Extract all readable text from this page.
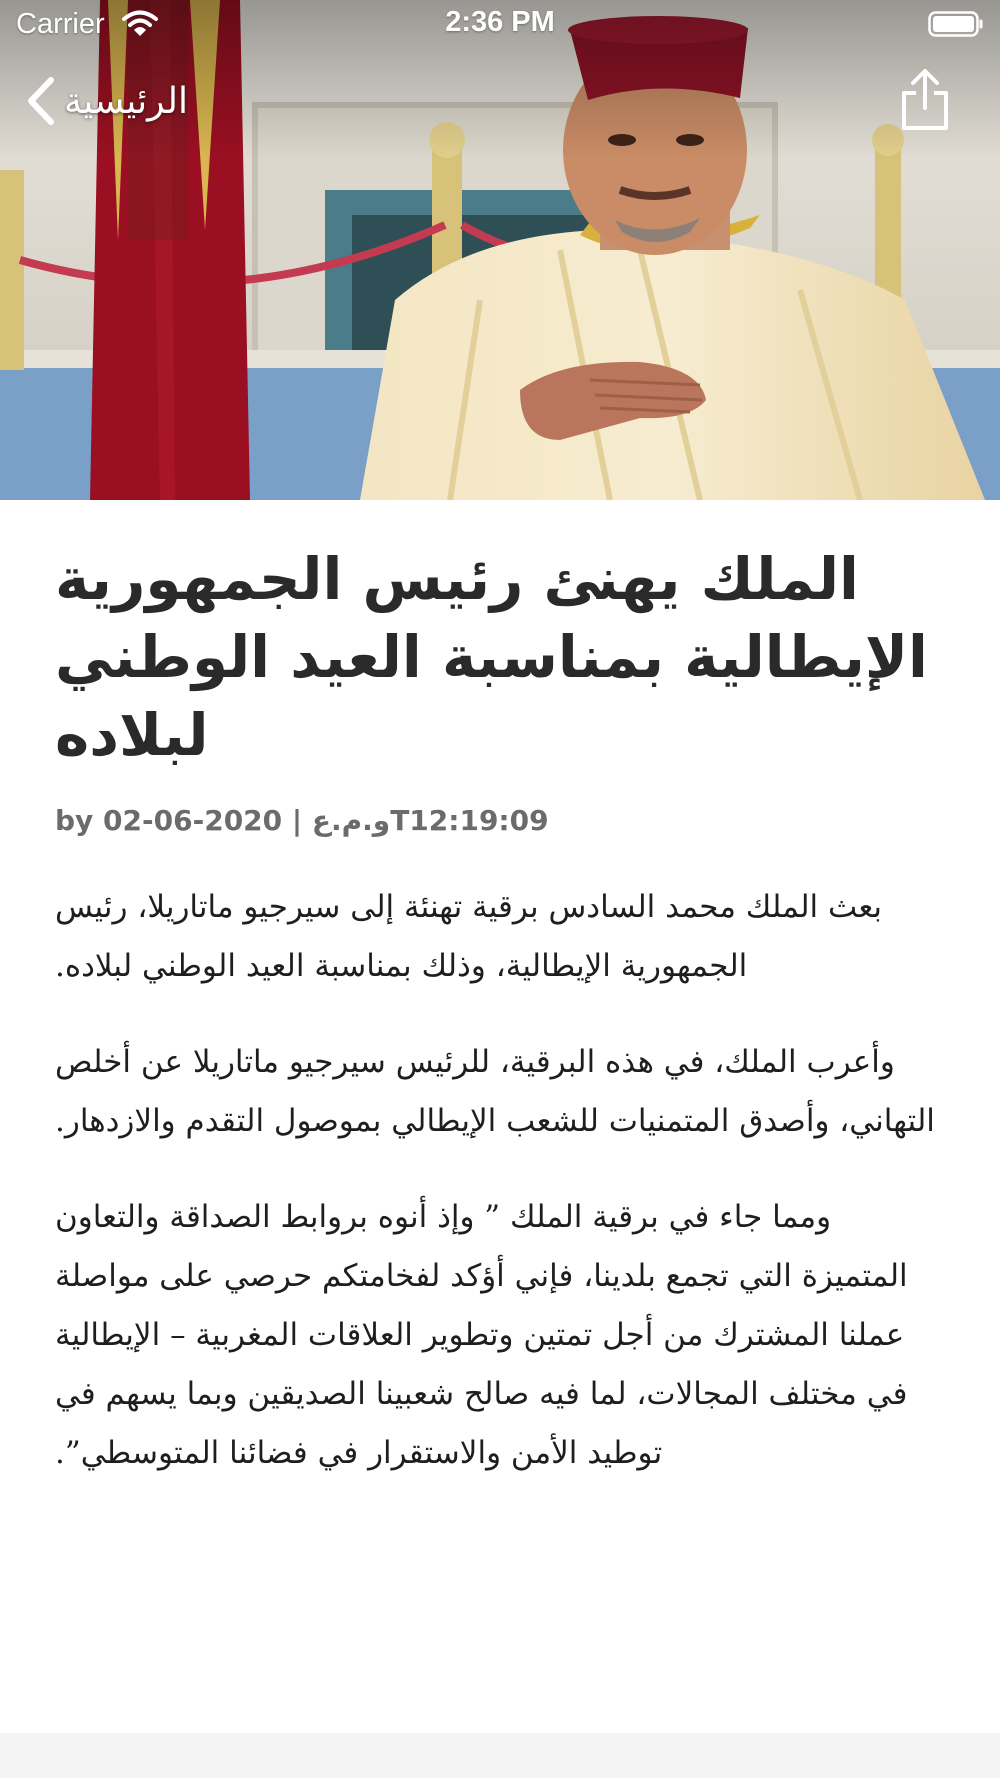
Carrier	2:36 PM
الرئيسية
الملك يهنئ رئيس الجمهورية الإيطالية بمناسبة العيد الوطني لبلاده
by 02-06-2020 | و.م.عT12:19:09

بعث الملك محمد السادس برقية تهنئة إلى سيرجيو ماتاريلا، رئيس الجمهورية الإيطالية، وذلك بمناسبة العيد الوطني لبلاده.

وأعرب الملك، في هذه البرقية، للرئيس سيرجيو ماتاريلا عن أخلص التهاني، وأصدق المتمنيات للشعب الإيطالي بموصول التقدم والازدهار.

ومما جاء في برقية الملك ” وإذ أنوه بروابط الصداقة والتعاون المتميزة التي تجمع بلدينا، فإني أؤكد لفخامتكم حرصي على مواصلة عملنا المشترك من أجل تمتين وتطوير العلاقات المغربية – الإيطالية في مختلف المجالات، لما فيه صالح شعبينا الصديقين وبما يسهم في توطيد الأمن والاستقرار في فضائنا المتوسطي”.
